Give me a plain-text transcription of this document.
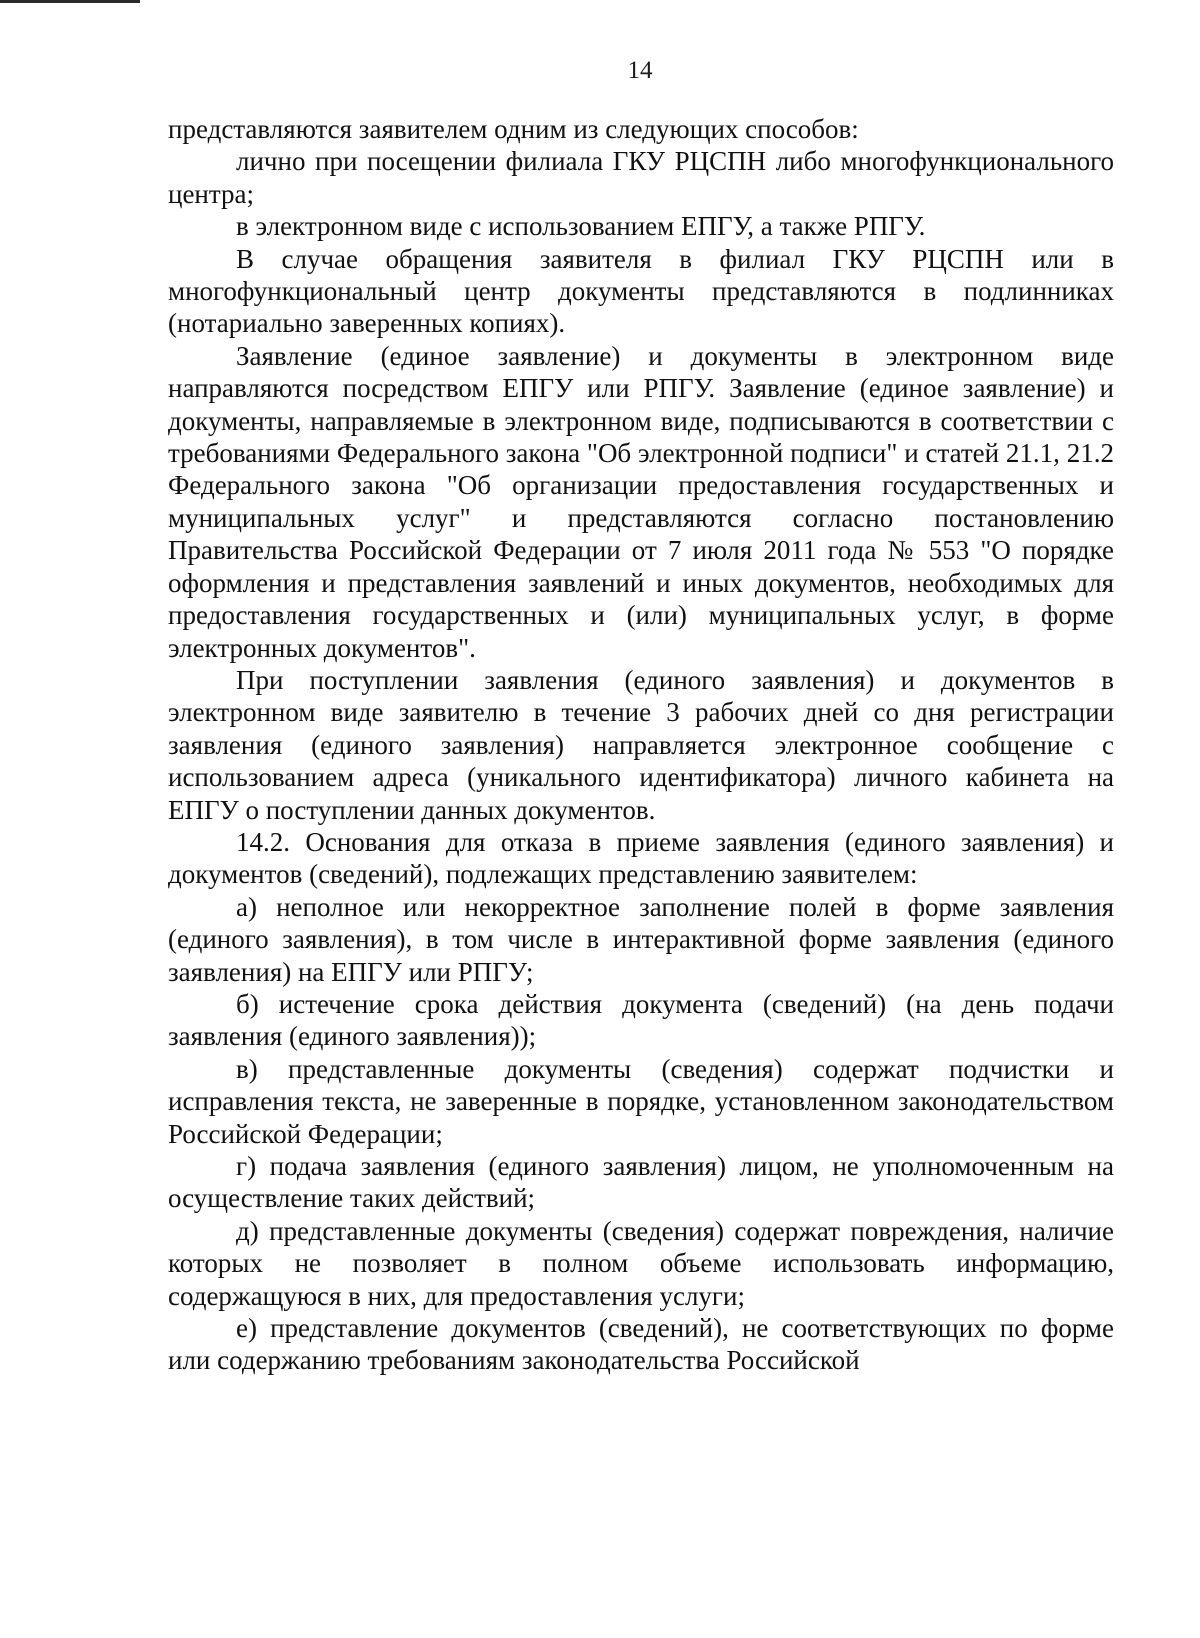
14

представляются заявителем одним из следующих способов:

лично при посещении филиала ГКУ РЦСПН либо многофункционального центра;

в электронном виде с использованием ЕПГУ, а также РПГУ.

В случае обращения заявителя в филиал ГКУ РЦСПН или в многофункциональный центр документы представляются в подлинниках (нотариально заверенных копиях).

Заявление (единое заявление) и документы в электронном виде направляются посредством ЕПГУ или РПГУ. Заявление (единое заявление) и документы, направляемые в электронном виде, подписываются в соответствии с требованиями Федерального закона "Об электронной подписи" и статей 21.1, 21.2 Федерального закона "Об организации предоставления государственных и муниципальных услуг" и представляются согласно постановлению Правительства Российской Федерации от 7 июля 2011 года № 553 "О порядке оформления и представления заявлений и иных документов, необходимых для предоставления государственных и (или) муниципальных услуг, в форме электронных документов".

При поступлении заявления (единого заявления) и документов в электронном виде заявителю в течение 3 рабочих дней со дня регистрации заявления (единого заявления) направляется электронное сообщение с использованием адреса (уникального идентификатора) личного кабинета на ЕПГУ о поступлении данных документов.

14.2. Основания для отказа в приеме заявления (единого заявления) и документов (сведений), подлежащих представлению заявителем:

а) неполное или некорректное заполнение полей в форме заявления (единого заявления), в том числе в интерактивной форме заявления (единого заявления) на ЕПГУ или РПГУ;

б) истечение срока действия документа (сведений) (на день подачи заявления (единого заявления));

в) представленные документы (сведения) содержат подчистки и исправления текста, не заверенные в порядке, установленном законодательством Российской Федерации;

г) подача заявления (единого заявления) лицом, не уполномоченным на осуществление таких действий;

д) представленные документы (сведения) содержат повреждения, наличие которых не позволяет в полном объеме использовать информацию, содержащуюся в них, для предоставления услуги;

е) представление документов (сведений), не соответствующих по форме или содержанию требованиям законодательства Российской
